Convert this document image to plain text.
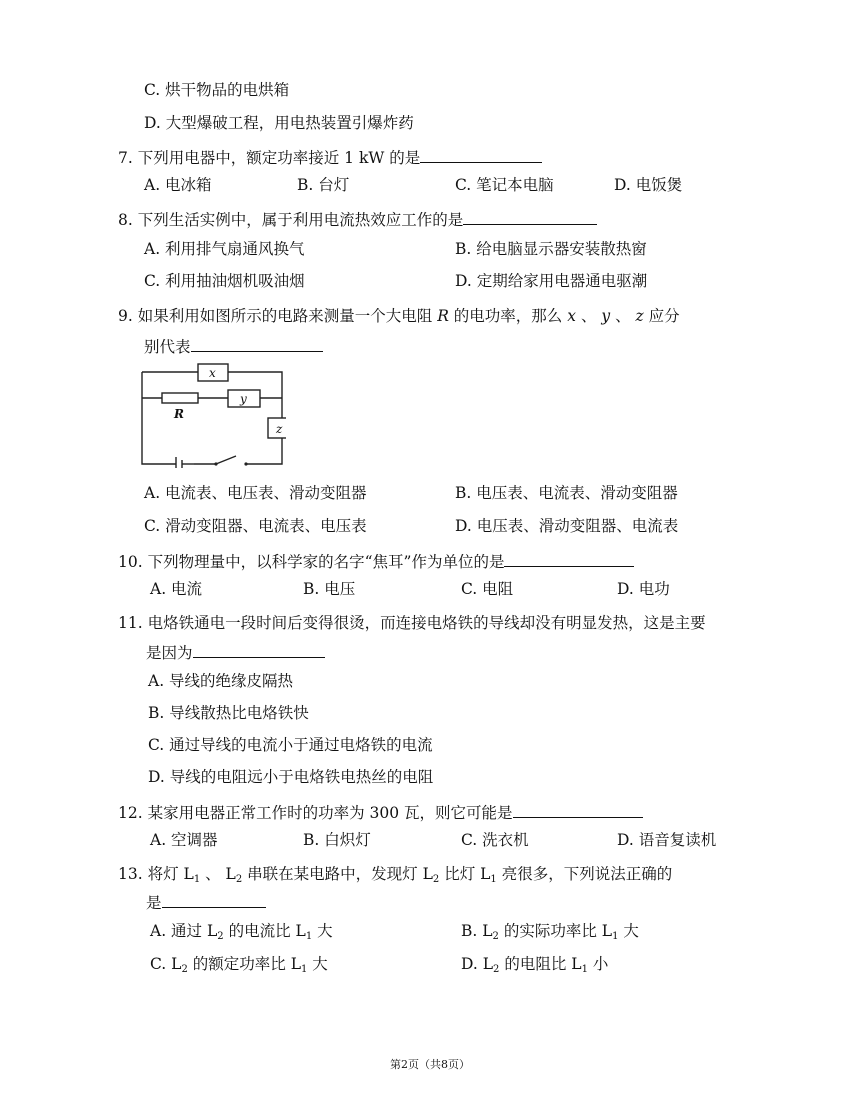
C. 烘干物品的电烘箱
D. 大型爆破工程，用电热装置引爆炸药
7. 下列用电器中，额定功率接近 1 kW 的是
A. 电冰箱	B. 台灯	C. 笔记本电脑	D. 电饭煲
8. 下列生活实例中，属于利用电流热效应工作的是
A. 利用排气扇通风换气	B. 给电脑显示器安装散热窗
C. 利用抽油烟机吸油烟	D. 定期给家用电器通电驱潮
9. 如果利用如图所示的电路来测量一个大电阻 R 的电功率，那么 x 、 y 、 z 应分
别代表
x
y
z
R
A. 电流表、电压表、滑动变阻器	B. 电压表、电流表、滑动变阻器
C. 滑动变阻器、电流表、电压表	D. 电压表、滑动变阻器、电流表
10. 下列物理量中，以科学家的名字“焦耳”作为单位的是
A. 电流	B. 电压	C. 电阻	D. 电功
11. 电烙铁通电一段时间后变得很烫，而连接电烙铁的导线却没有明显发热，这是主要
是因为
A. 导线的绝缘皮隔热
B. 导线散热比电烙铁快
C. 通过导线的电流小于通过电烙铁的电流
D. 导线的电阻远小于电烙铁电热丝的电阻
12. 某家用电器正常工作时的功率为 300 瓦，则它可能是
A. 空调器	B. 白炽灯	C. 洗衣机	D. 语音复读机
13. 将灯 $L_1$ 、 $L_2$ 串联在某电路中，发现灯 $L_2$ 比灯 $L_1$ 亮很多，下列说法正确的
是
A. 通过 $L_2$ 的电流比 $L_1$ 大	B. $L_2$ 的实际功率比 $L_1$ 大
C. $L_2$ 的额定功率比 $L_1$ 大	D. $L_2$ 的电阻比 $L_1$ 小
第2页（共8页）
